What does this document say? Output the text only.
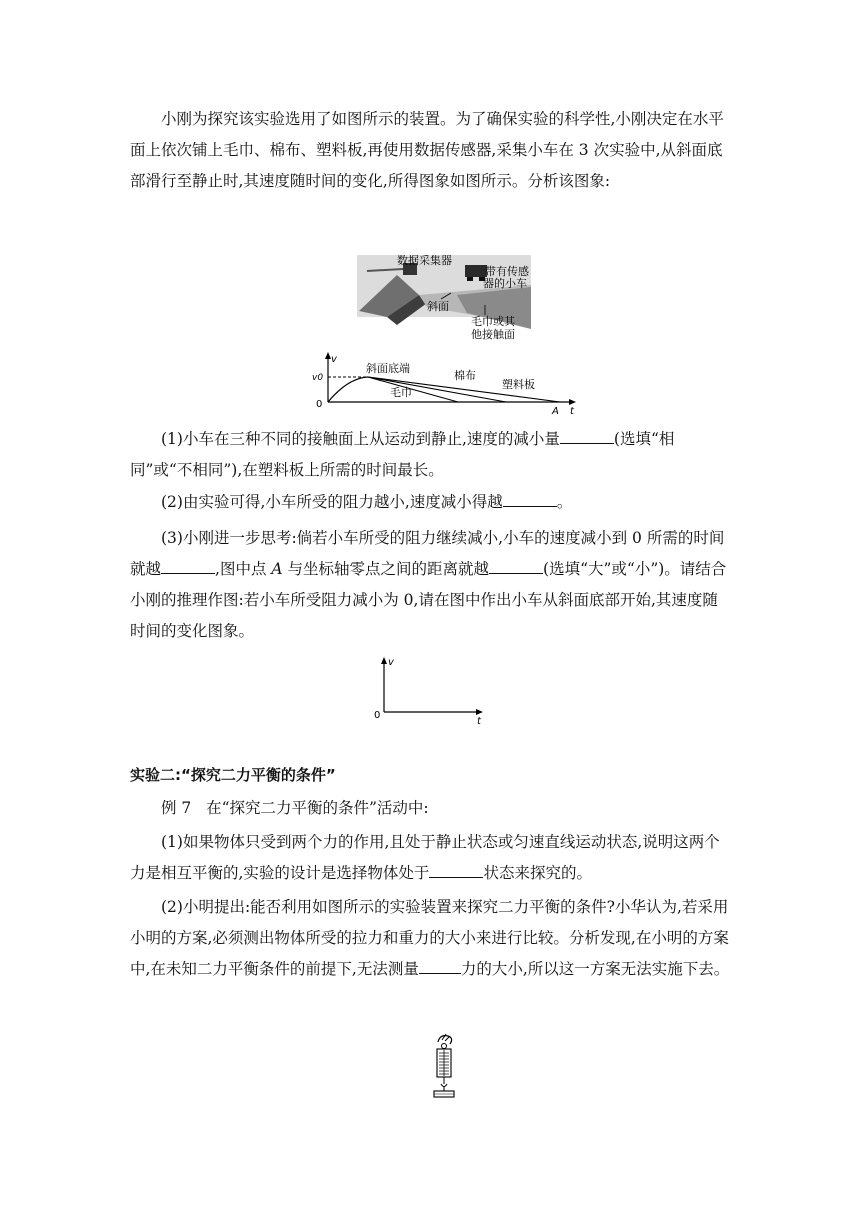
小刚为探究该实验选用了如图所示的装置。为了确保实验的科学性,小刚决定在水平面上依次铺上毛巾、棉布、塑料板,再使用数据传感器,采集小车在 3 次实验中,从斜面底部滑行至静止时,其速度随时间的变化,所得图象如图所示。分析该图象:

数据采集器
带有传感
器的小车
斜面
毛巾或其
他接触面
v
t
v0
0
A
斜面底端
棉布
塑料板
毛巾

(1)小车在三种不同的接触面上从运动到静止,速度的减小量	(选填“相同”或“不相同”),在塑料板上所需的时间最长。

(2)由实验可得,小车所受的阻力越小,速度减小得越	。

(3)小刚进一步思考:倘若小车所受的阻力继续减小,小车的速度减小到 0 所需的时间就越	,图中点 A 与坐标轴零点之间的距离就越	(选填“大”或“小”)。请结合小刚的推理作图:若小车所受阻力减小为 0,请在图中作出小车从斜面底部开始,其速度随时间的变化图象。

v
t
0

实验二:“探究二力平衡的条件”

例 7 在“探究二力平衡的条件”活动中:

(1)如果物体只受到两个力的作用,且处于静止状态或匀速直线运动状态,说明这两个力是相互平衡的,实验的设计是选择物体处于	状态来探究的。

(2)小明提出:能否利用如图所示的实验装置来探究二力平衡的条件?小华认为,若采用小明的方案,必须测出物体所受的拉力和重力的大小来进行比较。分析发现,在小明的方案中,在未知二力平衡条件的前提下,无法测量	力的大小,所以这一方案无法实施下去。
